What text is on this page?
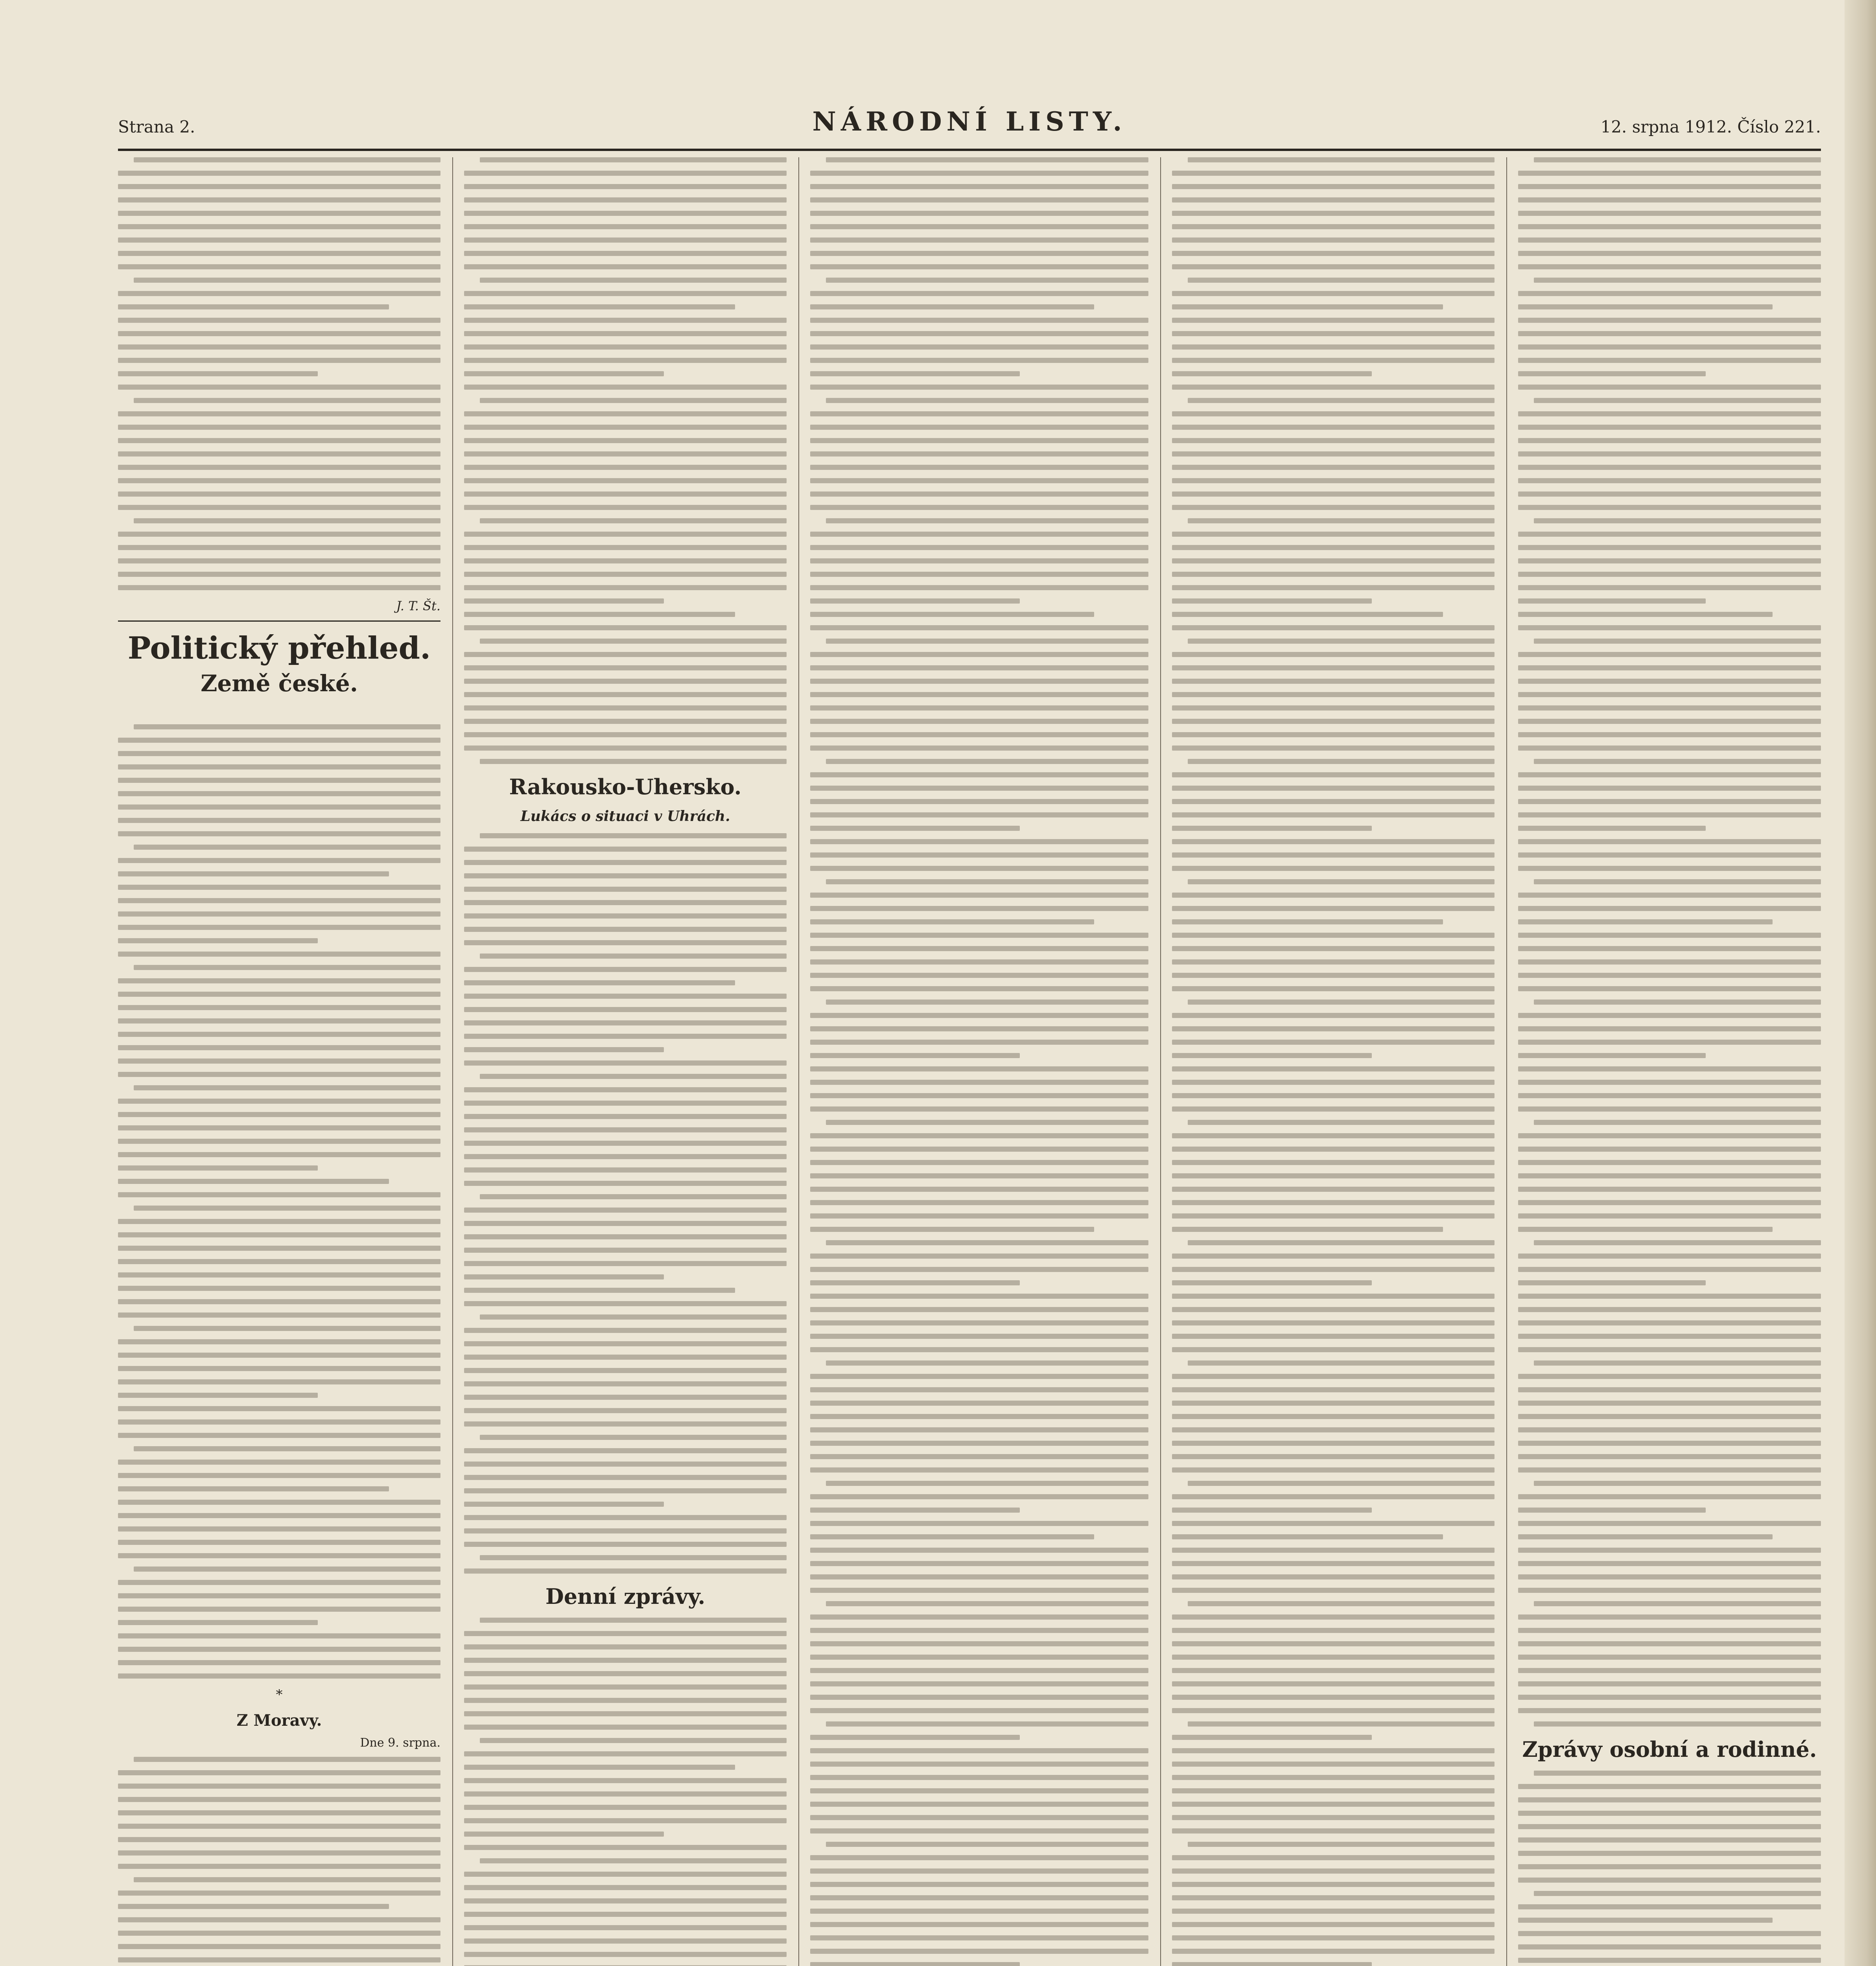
Strana 2.	NÁRODNÍ LISTY.	12. srpna 1912. Číslo 221.
J. T. Št.
Politický přehled.
Země české.

*
Z Moravy.
Dne 9. srpna.
Rakousko-Uhersko.
Lukács o situaci v Uhrách.
Denní zprávy.
Zprávy osobní a rodinné.
